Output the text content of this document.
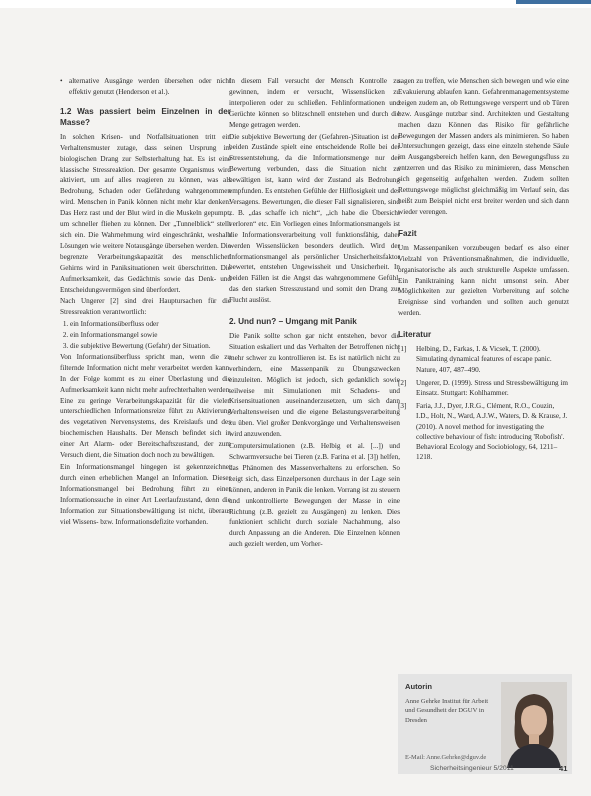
• alternative Ausgänge werden übersehen oder nicht effektiv genutzt (Henderson et al.).

1.2 Was passiert beim Einzelnen in der Masse?

In solchen Krisen- und Notfallsituationen tritt ein Verhaltensmuster zutage, dass seinen Ursprung im biologischen Drang zur Selbsterhaltung hat. Es ist eine klassische Stressreaktion. Der gesamte Organismus wird aktiviert, um auf alles reagieren zu können, was als Bedrohung, Schaden oder Gefährdung wahrgenommen wird. Menschen in Panik können nicht mehr klar denken: Das Herz rast und der Blut wird in die Muskeln gepumpt, um schneller fliehen zu können. Der „Tunnelblick“ stellt sich ein. Die Wahrnehmung wird eingeschränkt, weshalb Lösungen wie weitere Notausgänge übersehen werden. Die begrenzte Verarbeitungskapazität des menschlichen Gehirns wird in Paniksituationen weit überschritten. Die Aufmerksamkeit, das Gedächtnis sowie das Denk- und Entscheidungsvermögen sind überfordert.

Nach Ungerer [2] sind drei Hauptursachen für die Stressreaktion verantwortlich:

1. ein Informationsüberfluss oder
2. ein Informationsmangel sowie
3. die subjektive Bewertung (Gefahr) der Situation.

Von Informationsüberfluss spricht man, wenn die zu filternde Information nicht mehr verarbeitet werden kann. In der Folge kommt es zu einer Überlastung und die Aufmerksamkeit kann nicht mehr aufrechterhalten werden. Eine zu geringe Verarbeitungskapazität für die vielen unterschiedlichen Informationsreize führt zu Aktivierung des vegetativen Nervensystems, des Kreislaufs und des biochemischen Haushalts. Der Mensch befindet sich in einer Art Alarm- oder Bereitschaftszustand, der zum Versuch dient, die Situation doch noch zu bewältigen.

Ein Informationsmangel hingegen ist gekennzeichnet durch einen erheblichen Mangel an Information. Dieser Informationsmangel bei Bedrohung führt zu einer Informationssuche in einer Art Leerlaufzustand, denn die Information zur Situationsbewältigung ist nicht, überaus viel Wissens- bzw. Informationsdefizite vorhanden.

In diesem Fall versucht der Mensch Kontrolle zu gewinnen, indem er versucht, Wissenslücken zu interpolieren oder zu schließen. Fehlinformationen und Gerüchte können so blitzschnell entstehen und durch die Menge getragen werden.

Die subjektive Bewertung der (Gefahren-)Situation ist der beiden Zustände spielt eine entscheidende Rolle bei der Stressentstehung, da die Informationsmenge nur der Bewertung verbunden, dass die Situation nicht zu bewältigen ist, kann wird der Zustand als Bedrohung empfunden. Es entstehen Gefühle der Hilflosigkeit und des Versagens. Bewertungen, die dieser Fall signalisieren, sind z. B. „das schaffe ich nicht“, „ich habe die Übersicht verloren“ etc. Ein Vorliegen eines Informationsmangels ist die Informationsverarbeitung voll funktionsfähig, daher werden Wissenslücken besonders deutlich. Wird der Informationsmangel als persönlicher Unsicherheitsfaktor bewertet, entstehen Ungewissheit und Unsicherheit. In beiden Fällen ist die Angst das wahrgenommene Gefühl, das den starken Stresszustand und somit den Drang zur Flucht auslöst.

2. Und nun? – Umgang mit Panik

Die Panik sollte schon gar nicht entstehen, bevor die Situation eskaliert und das Verhalten der Betroffenen nicht mehr schwer zu kontrollieren ist. Es ist natürlich nicht zu verhindern, eine Massenpanik zu Übungszwecken einzuleiten. Möglich ist jedoch, sich gedanklich sowie teilweise mit Simulationen mit Schadens- und Krisensituationen auseinanderzusetzen, um sich dann Verhaltensweisen und die eigene Belastungsverarbeitung zu üben. Viel großer Denkvorgänge und Verhaltensweisen wird anzuwenden.

Computersimulationen (z.B. Helbig et al. [...]) und Schwarmversuche bei Tieren (z.B. Farina et al. [3]) helfen, das Phänomen des Massenverhaltens zu erforschen. So zeigt sich, dass Einzelpersonen durchaus in der Lage sein können, anderen in Panik die lenken. Vorrang ist zu steuern und unkontrollierte Bewegungen der Masse in eine Richtung (z.B. gezielt zu Ausgängen) zu lenken. Dies funktioniert schlicht durch soziale Nachahmung, also durch Anpassung an die Anderen. Die Einzelnen können auch gezielt werden, um Vorher-

sagen zu treffen, wie Menschen sich bewegen und wie eine Evakuierung ablaufen kann. Gefahrenmanagementsysteme zeigen zudem an, ob Rettungswege versperrt und ob Türen bzw. Ausgänge nutzbar sind. Architekten und Gestaltung machen dazu Können das Risiko für gefährliche Bewegungen der Massen anders als minimieren. So haben Untersuchungen gezeigt, dass eine einzeln stehende Säule im Ausgangsbereich helfen kann, den Bewegungsfluss zu entzerren und das Risiko zu minimieren, dass Menschen sich gegenseitig aufgehalten werden. Zudem sollten Rettungswege möglichst gleichmäßig im Verlauf sein, das heißt zum Beispiel nicht erst breiter werden und sich dann wieder verengen.

Fazit

Um Massenpaniken vorzubeugen bedarf es also einer Vielzahl von Präventionsmaßnahmen, die individuelle, organisatorische als auch strukturelle Aspekte umfassen. Ein Paniktraining kann nicht umsonst sein. Aber Möglichkeiten zur gezielten Vorbereitung auf solche Ereignisse sind vorhanden und sollten auch genutzt werden.

Literatur
[1] Helbing, D., Farkas, I. & Vicsek, T. (2000). Simulating dynamical features of escape panic. Nature, 407, 487–490.
[2] Ungerer, D. (1999). Stress und Stressbewältigung im Einsatz. Stuttgart: Kohlhammer.
[3] Faria, J.J., Dyer, J.R.G., Clément, R.O., Couzin, I.D., Holt, N., Ward, A.J.W., Waters, D. & Krause, J. (2010). A novel method for investigating the collective behaviour of fish: introducing 'Robofish'. Behavioral Ecology and Sociobiology, 64, 1211–1218.
Autorin
Anne Gehrke Institut für Arbeit und Gesundheit der DGUV in Dresden
E-Mail: Anne.Gehrke@dguv.de
Sicherheitsingenieur 5/2011	41
